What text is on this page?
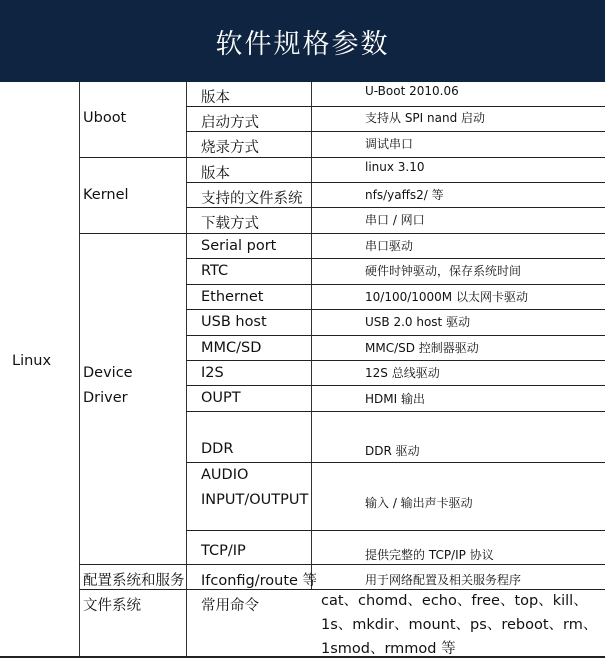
软件规格参数
Linux
Uboot
Kernel
Device
Driver
配置系统和服务
文件系统
版本
启动方式
烧录方式
版本
支持的文件系统
下载方式
Serial port
RTC
Ethernet
USB host
MMC/SD
I2S
OUPT
DDR
AUDIO
INPUT/OUTPUT
TCP/IP
Ifconfig/route 等
常用命令
U-Boot 2010.06
支持从 SPI nand 启动
调试串口
linux 3.10
nfs/yaffs2/ 等
串口 / 网口
串口驱动
硬件时钟驱动，保存系统时间
10/100/1000M 以太网卡驱动
USB 2.0 host 驱动
MMC/SD 控制器驱动
12S 总线驱动
HDMI 输出
DDR 驱动
输入 / 输出声卡驱动
提供完整的 TCP/IP 协议
用于网络配置及相关服务程序
cat、chomd、echo、free、top、kill、
1s、mkdir、mount、ps、reboot、rm、
1smod、rmmod 等
